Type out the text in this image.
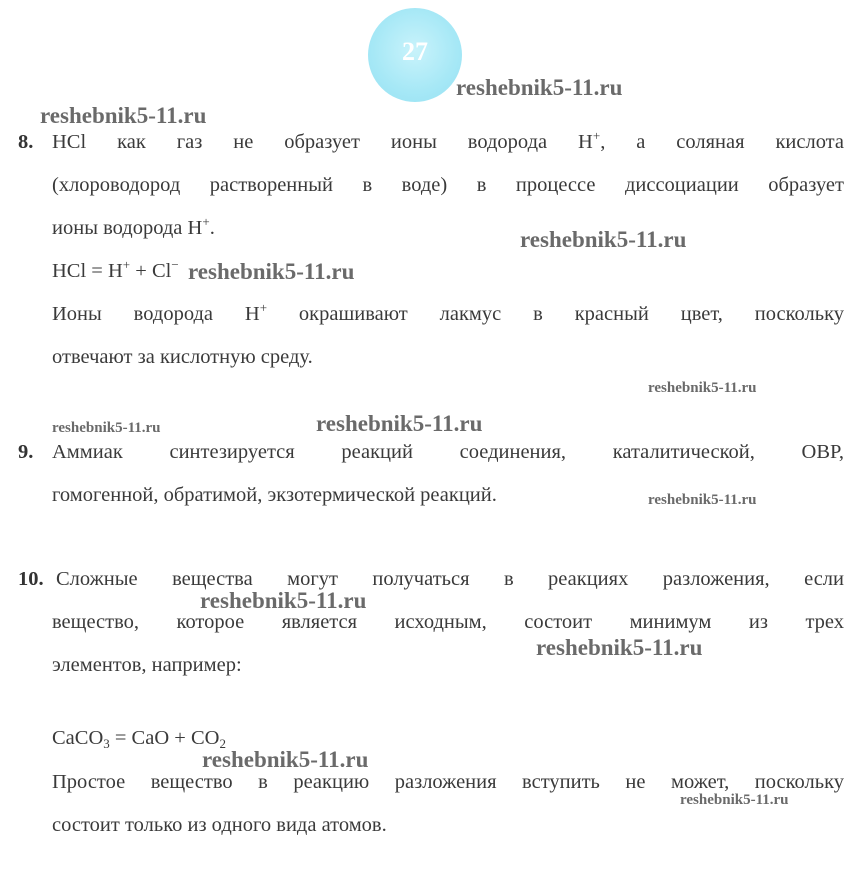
27
8. HCl как газ не образует ионы водорода H+, а соляная кислота

(хлороводород растворенный в воде) в процессе диссоциации образует

ионы водорода H+.

HCl = H+ + Cl−

Ионы водорода H+ окрашивают лакмус в красный цвет, поскольку

отвечают за кислотную среду.

9. Аммиак синтезируется реакций соединения, каталитической, ОВР,

гомогенной, обратимой, экзотермической реакций.

10. Сложные вещества могут получаться в реакциях разложения, если

вещество, которое является исходным, состоит минимум из трех

элементов, например:

CaCO$_3$ = CaO + $CO_2$

Простое вещество в реакцию разложения вступить не может, поскольку

состоит только из одного вида атомов.

reshebnik5-11.ru
reshebnik5-11.ru
reshebnik5-11.ru
reshebnik5-11.ru
reshebnik5-11.ru
reshebnik5-11.ru	reshebnik5-11.ru
reshebnik5-11.ru
reshebnik5-11.ru
reshebnik5-11.ru
reshebnik5-11.ru
reshebnik5-11.ru
